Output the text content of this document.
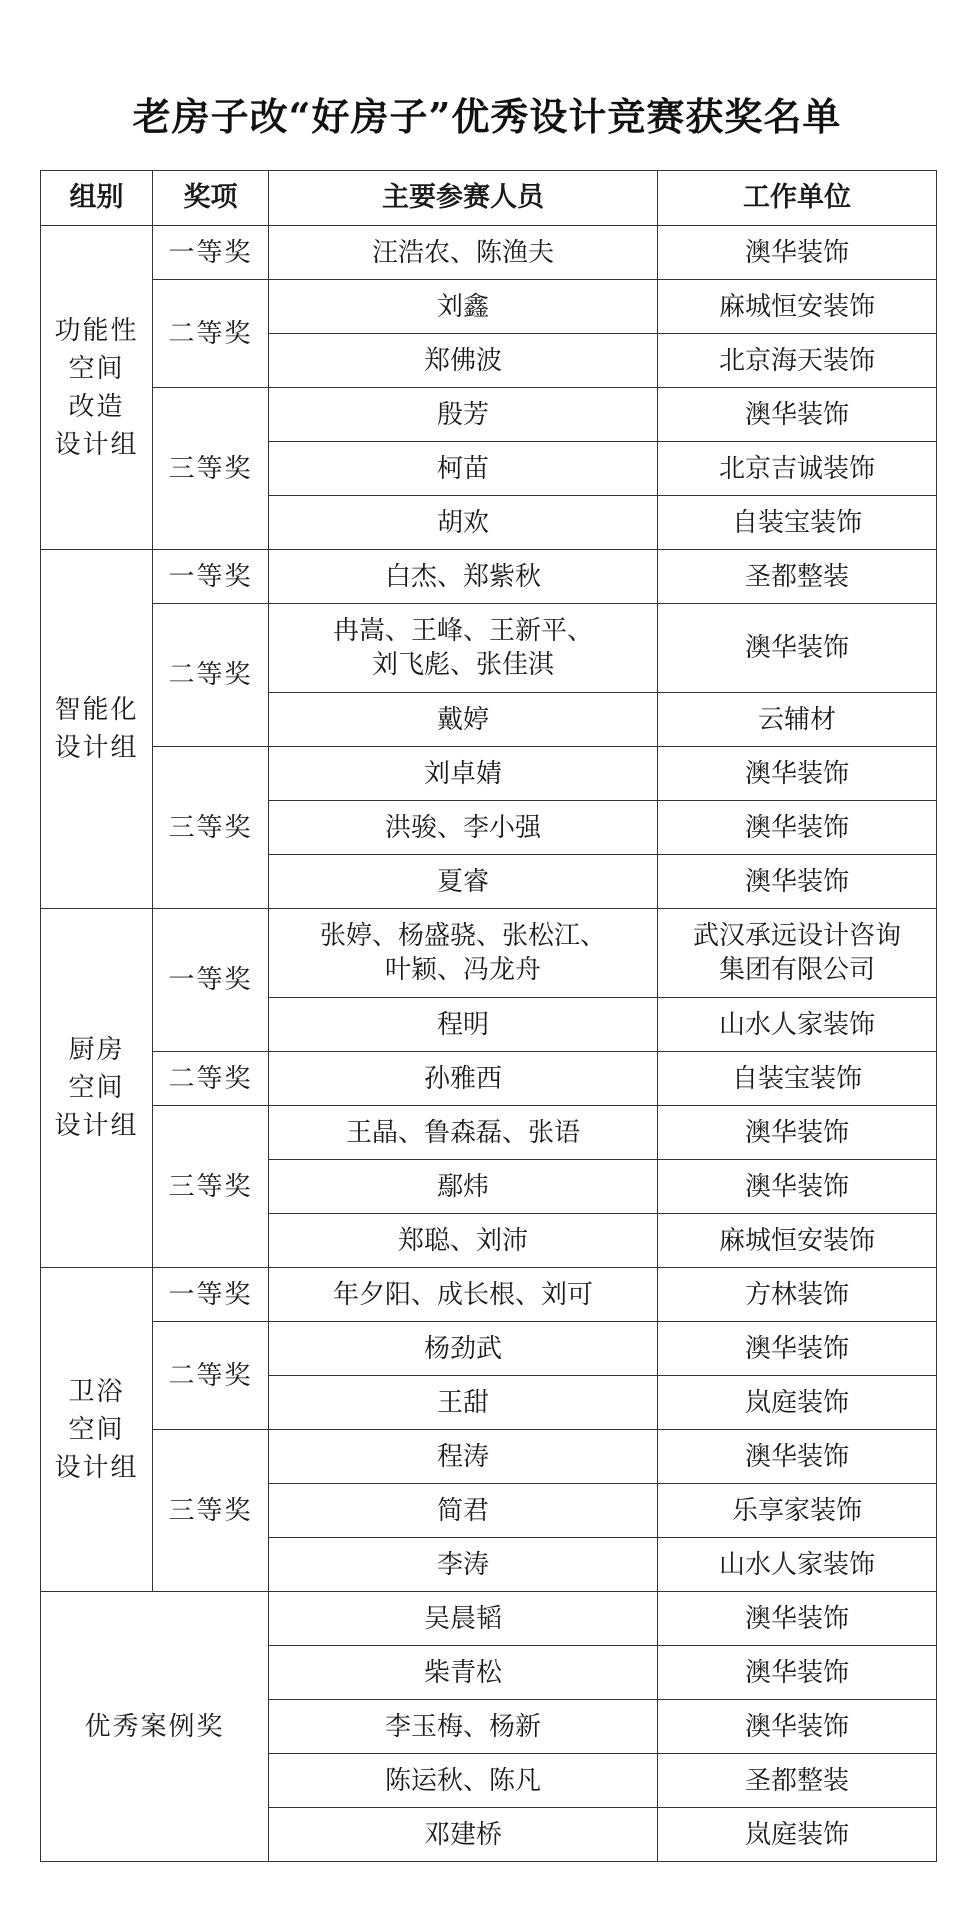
老房子改“好房子”优秀设计竞赛获奖名单
组别	奖项	主要参赛人员	工作单位
功能性
空间
改造
设计组	一等奖	汪浩农、陈渔夫	澳华装饰
	二等奖	刘鑫	麻城恒安装饰
		郑佛波	北京海天装饰
	三等奖	殷芳	澳华装饰
		柯苗	北京吉诚装饰
		胡欢	自装宝装饰
智能化
设计组	一等奖	白杰、郑紫秋	圣都整装
	二等奖	冉嵩、王峰、王新平、
刘飞彪、张佳淇	澳华装饰
		戴婷	云辅材
	三等奖	刘卓婧	澳华装饰
		洪骏、李小强	澳华装饰
		夏睿	澳华装饰
厨房
空间
设计组	一等奖	张婷、杨盛骁、张松江、
叶颖、冯龙舟	武汉承远设计咨询
集团有限公司
		程明	山水人家装饰
	二等奖	孙雅西	自装宝装饰
	三等奖	王晶、鲁森磊、张语	澳华装饰
		鄢炜	澳华装饰
		郑聪、刘沛	麻城恒安装饰
卫浴
空间
设计组	一等奖	年夕阳、成长根、刘可	方林装饰
	二等奖	杨劲武	澳华装饰
		王甜	岚庭装饰
	三等奖	程涛	澳华装饰
		简君	乐享家装饰
		李涛	山水人家装饰
优秀案例奖		吴晨韬	澳华装饰
		柴青松	澳华装饰
		李玉梅、杨新	澳华装饰
		陈运秋、陈凡	圣都整装
		邓建桥	岚庭装饰
